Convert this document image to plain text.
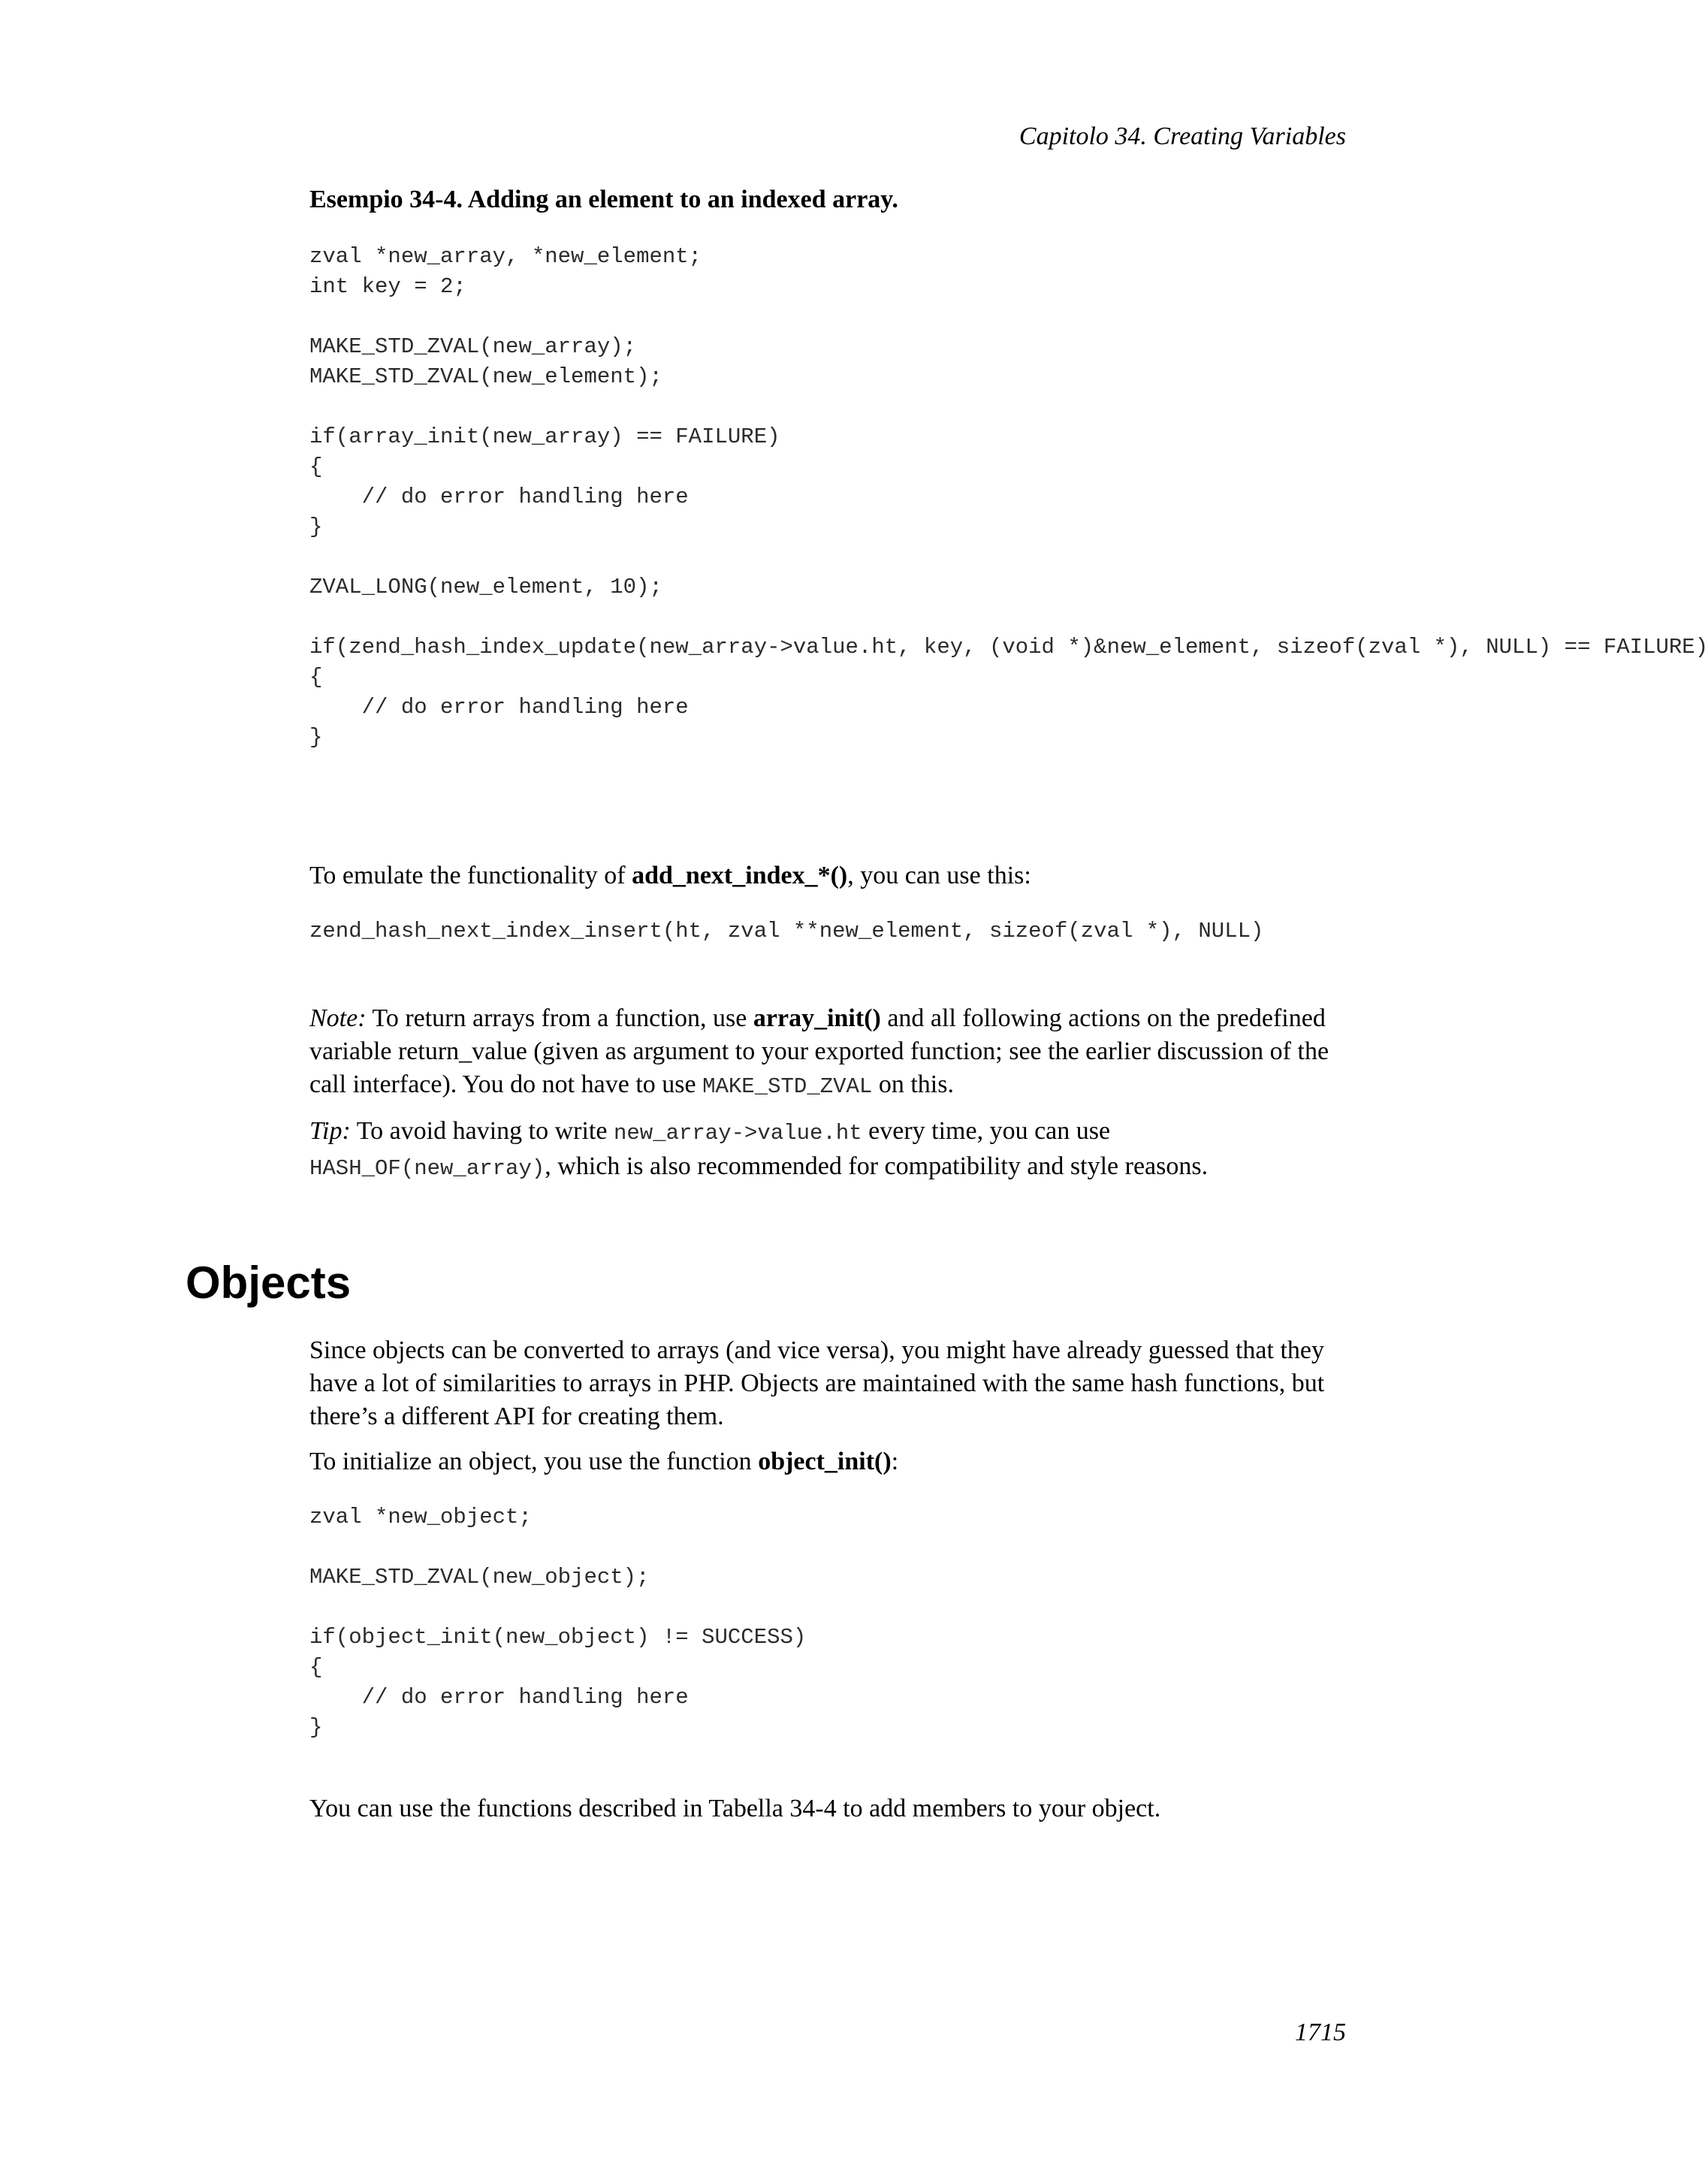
Capitolo 34. Creating Variables
Esempio 34-4. Adding an element to an indexed array.
zval *new_array, *new_element;
int key = 2;

MAKE_STD_ZVAL(new_array);
MAKE_STD_ZVAL(new_element);

if(array_init(new_array) == FAILURE)
{
// do error handling here
}

ZVAL_LONG(new_element, 10);

if(zend_hash_index_update(new_array->value.ht, key, (void *)&new_element, sizeof(zval *), NULL) == FAILURE)
{
// do error handling here
}

To emulate the functionality of add_next_index_*(), you can use this:

zend_hash_next_index_insert(ht, zval **new_element, sizeof(zval *), NULL)

Note: To return arrays from a function, use array_init() and all following actions on the predefined variable return_value (given as argument to your exported function; see the earlier discussion of the call interface). You do not have to use MAKE_STD_ZVAL on this.

Tip: To avoid having to write new_array->value.ht every time, you can use
HASH_OF(new_array), which is also recommended for compatibility and style reasons.

Objects

Since objects can be converted to arrays (and vice versa), you might have already guessed that they have a lot of similarities to arrays in PHP. Objects are maintained with the same hash functions, but there’s a different API for creating them.

To initialize an object, you use the function object_init():

zval *new_object;

MAKE_STD_ZVAL(new_object);

if(object_init(new_object) != SUCCESS)
{
// do error handling here
}

You can use the functions described in Tabella 34-4 to add members to your object.

1715
